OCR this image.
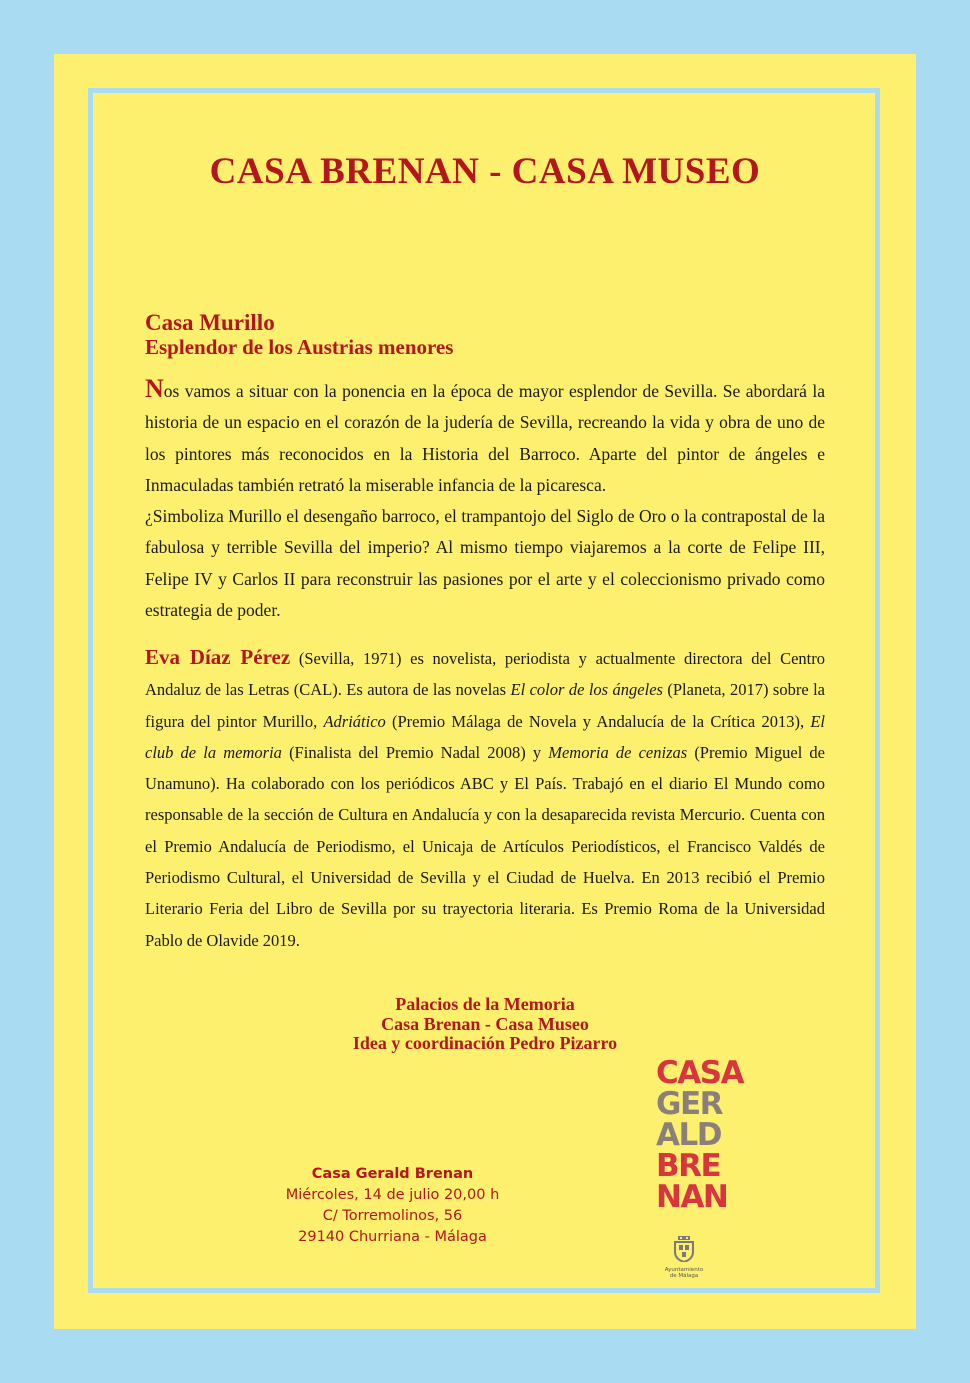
CASA BRENAN - CASA MUSEO
Casa Murillo
Esplendor de los Austrias menores
Nos vamos a situar con la ponencia en la época de mayor esplendor de Sevilla. Se abordará la historia de un espacio en el corazón de la judería de Sevilla, recreando la vida y obra de uno de los pintores más reconocidos en la Historia del Barroco. Aparte del pintor de ángeles e Inmaculadas también retrató la miserable infancia de la picaresca.
¿Simboliza Murillo el desengaño barroco, el trampantojo del Siglo de Oro o la contrapostal de la fabulosa y terrible Sevilla del imperio? Al mismo tiempo viajaremos a la corte de Felipe III, Felipe IV y Carlos II para reconstruir las pasiones por el arte y el coleccionismo privado como estrategia de poder.
Eva Díaz Pérez (Sevilla, 1971) es novelista, periodista y actualmente directora del Centro Andaluz de las Letras (CAL). Es autora de las novelas El color de los ángeles (Planeta, 2017) sobre la figura del pintor Murillo, Adriático (Premio Málaga de Novela y Andalucía de la Crítica 2013), El club de la memoria (Finalista del Premio Nadal 2008) y Memoria de cenizas (Premio Miguel de Unamuno). Ha colaborado con los periódicos ABC y El País. Trabajó en el diario El Mundo como responsable de la sección de Cultura en Andalucía y con la desaparecida revista Mercurio. Cuenta con el Premio Andalucía de Periodismo, el Unicaja de Artículos Periodísticos, el Francisco Valdés de Periodismo Cultural, el Universidad de Sevilla y el Ciudad de Huelva. En 2013 recibió el Premio Literario Feria del Libro de Sevilla por su trayectoria literaria. Es Premio Roma de la Universidad Pablo de Olavide 2019.
Palacios de la Memoria
Casa Brenan - Casa Museo
Idea y coordinación Pedro Pizarro
Casa Gerald Brenan
Miércoles, 14 de julio 20,00 h
C/ Torremolinos, 56
29140 Churriana - Málaga
CASA
GER
ALD
BRE
NAN
Ayuntamiento
de Málaga
